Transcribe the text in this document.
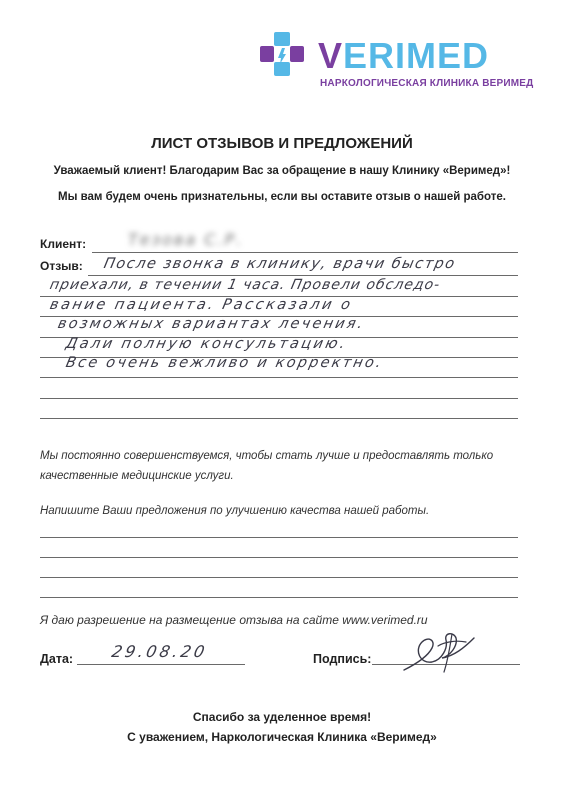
VERIMED
НАРКОЛОГИЧЕСКАЯ КЛИНИКА ВЕРИМЕД
ЛИСТ ОТЗЫВОВ И ПРЕДЛОЖЕНИЙ
Уважаемый клиент! Благодарим Вас за обращение в нашу Клинику «Веримед»!
Мы вам будем очень признательны, если вы оставите отзыв о нашей работе.
Клиент:	Тезова С.Р.
Отзыв: После звонка в клинику, врачи быстро
приехали, в течении 1 часа. Провели обследо-
вание пациента. Рассказали о
возможных вариантах лечения.
Дали полную консультацию.
Все очень вежливо и корректно.
Мы постоянно совершенствуемся, чтобы стать лучше и предоставлять только
качественные медицинские услуги.
Напишите Ваши предложения по улучшению качества нашей работы.
Я даю разрешение на размещение отзыва на сайте www.verimed.ru
Дата: 29.08.20	Подпись:
Спасибо за уделенное время!
С уважением, Наркологическая Клиника «Веримед»
